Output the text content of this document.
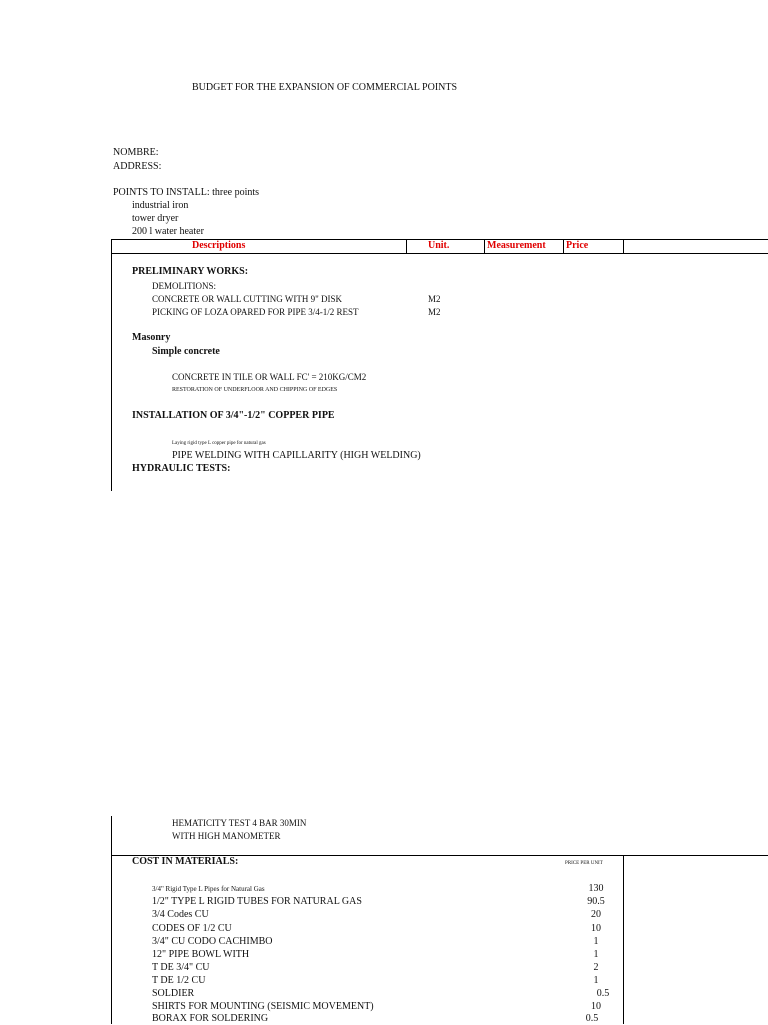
BUDGET FOR THE EXPANSION OF COMMERCIAL POINTS
NOMBRE:
ADDRESS:
POINTS TO INSTALL: three points
industrial iron
tower dryer
200 l water heater
Descriptions	Unit.	Measurement Price
PRELIMINARY WORKS:
DEMOLITIONS:
CONCRETE OR WALL CUTTING WITH 9" DISK	M2
PICKING OF LOZA OPARED FOR PIPE 3/4-1/2 REST	M2
Masonry
Simple concrete
CONCRETE IN TILE OR WALL FC' = 210KG/CM2
RESTORATION OF UNDERFLOOR AND CHIPPING OF EDGES
INSTALLATION OF 3/4"-1/2" COPPER PIPE
Laying rigid type L copper pipe for natural gas
PIPE WELDING WITH CAPILLARITY (HIGH WELDING)
HYDRAULIC TESTS:
HEMATICITY TEST 4 BAR 30MIN
WITH HIGH MANOMETER
COST IN MATERIALS:	PRICE PER UNIT
3/4" Rigid Type L Pipes for Natural Gas	130
1/2" TYPE L RIGID TUBES FOR NATURAL GAS	90.5
3/4 Codes CU	20
CODES OF 1/2 CU	10
3/4" CU CODO CACHIMBO	1
12" PIPE BOWL WITH	1
T DE 3/4" CU	2
T DE 1/2 CU	1
SOLDIER	0.5
SHIRTS FOR MOUNTING (SEISMIC MOVEMENT)	10
BORAX FOR SOLDERING	0.5
